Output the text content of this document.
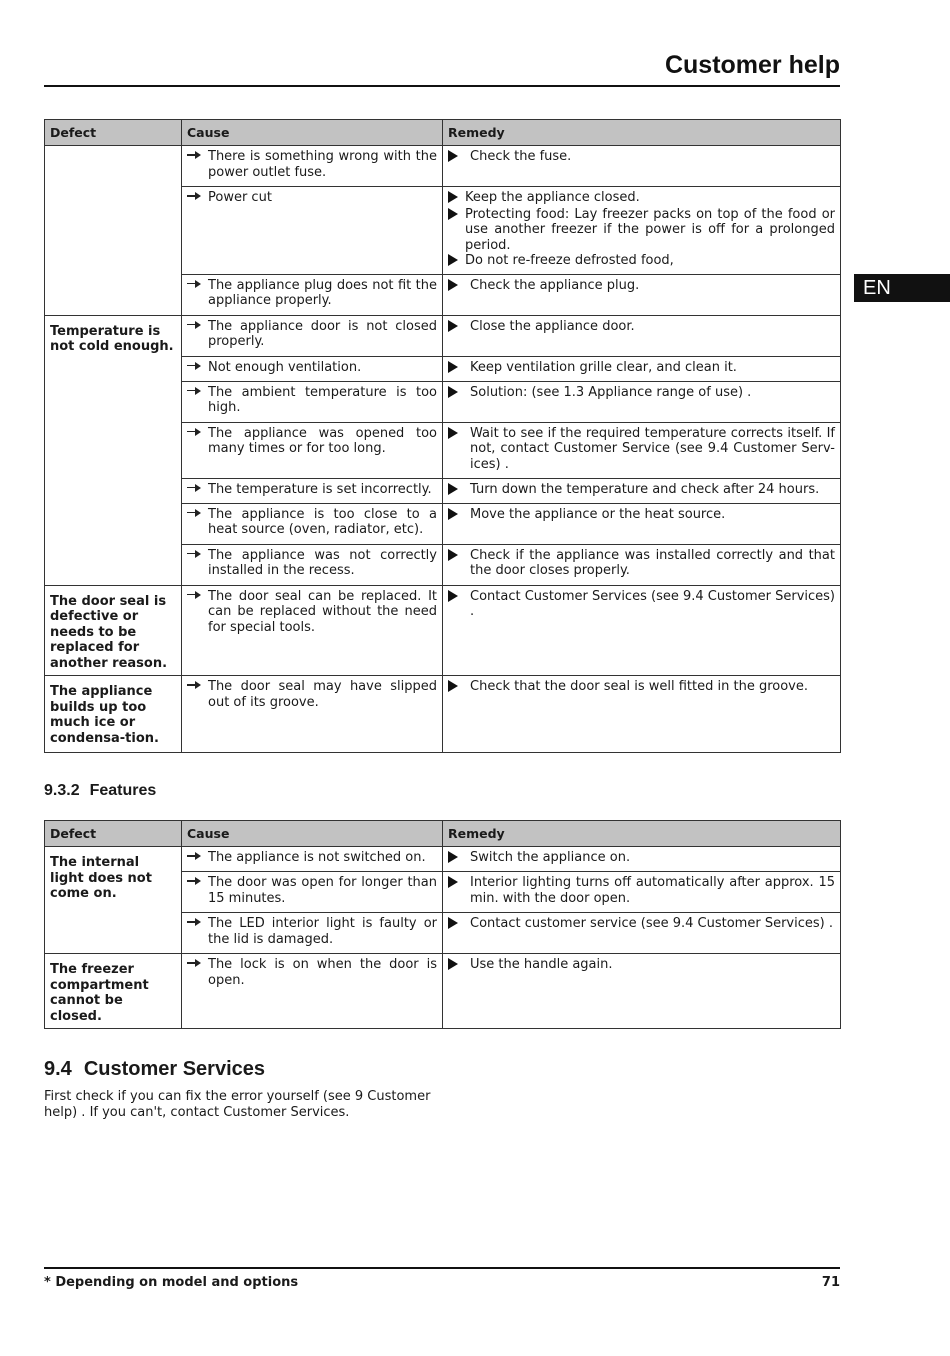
Customer help
EN
Defect	Cause	Remedy

	There is something wrong with the power outlet fuse.	Check the fuse.

	Power cut	Keep the appliance closed.
Protecting food: Lay freezer packs on top of the food or use another freezer if the power is off for a prolonged period.
Do not re-freeze defrosted food,

	The appliance plug does not fit the appliance properly.	Check the appliance plug.

Temperature is not cold enough.	The appliance door is not closed properly.	Close the appliance door.

	Not enough ventilation.	Keep ventilation grille clear, and clean it.

	The ambient temperature is too high.	Solution: (see 1.3 Appliance range of use) .

	The appliance was opened too many times or for too long.	Wait to see if the required temperature corrects itself. If not, contact Customer Service (see 9.4 Customer Serv-ices) .

	The temperature is set incorrectly.	Turn down the temperature and check after 24 hours.

	The appliance is too close to a heat source (oven, radiator, etc).	Move the appliance or the heat source.

	The appliance was not correctly installed in the recess.	Check if the appliance was installed correctly and that the door closes properly.

The door seal is defective or needs to be replaced for another reason.	The door seal can be replaced. It can be replaced without the need for special tools.	Contact Customer Services (see 9.4 Customer Services) .

The appliance builds up too much ice or condensa-tion.	The door seal may have slipped out of its groove.	Check that the door seal is well fitted in the groove.
9.3.2 Features
Defect	Cause	Remedy
The internal light does not come on.	The appliance is not switched on.	Switch the appliance on.

	The door was open for longer than 15 minutes.	Interior lighting turns off automatically after approx. 15 min. with the door open.

	The LED interior light is faulty or the lid is damaged.	Contact customer service (see 9.4 Customer Services) .

The freezer compartment cannot be closed.	The lock is on when the door is open.	Use the handle again.
9.4 Customer Services
First check if you can fix the error yourself (see 9 Customer help) . If you can't, contact Customer Services.
* Depending on model and options	71
